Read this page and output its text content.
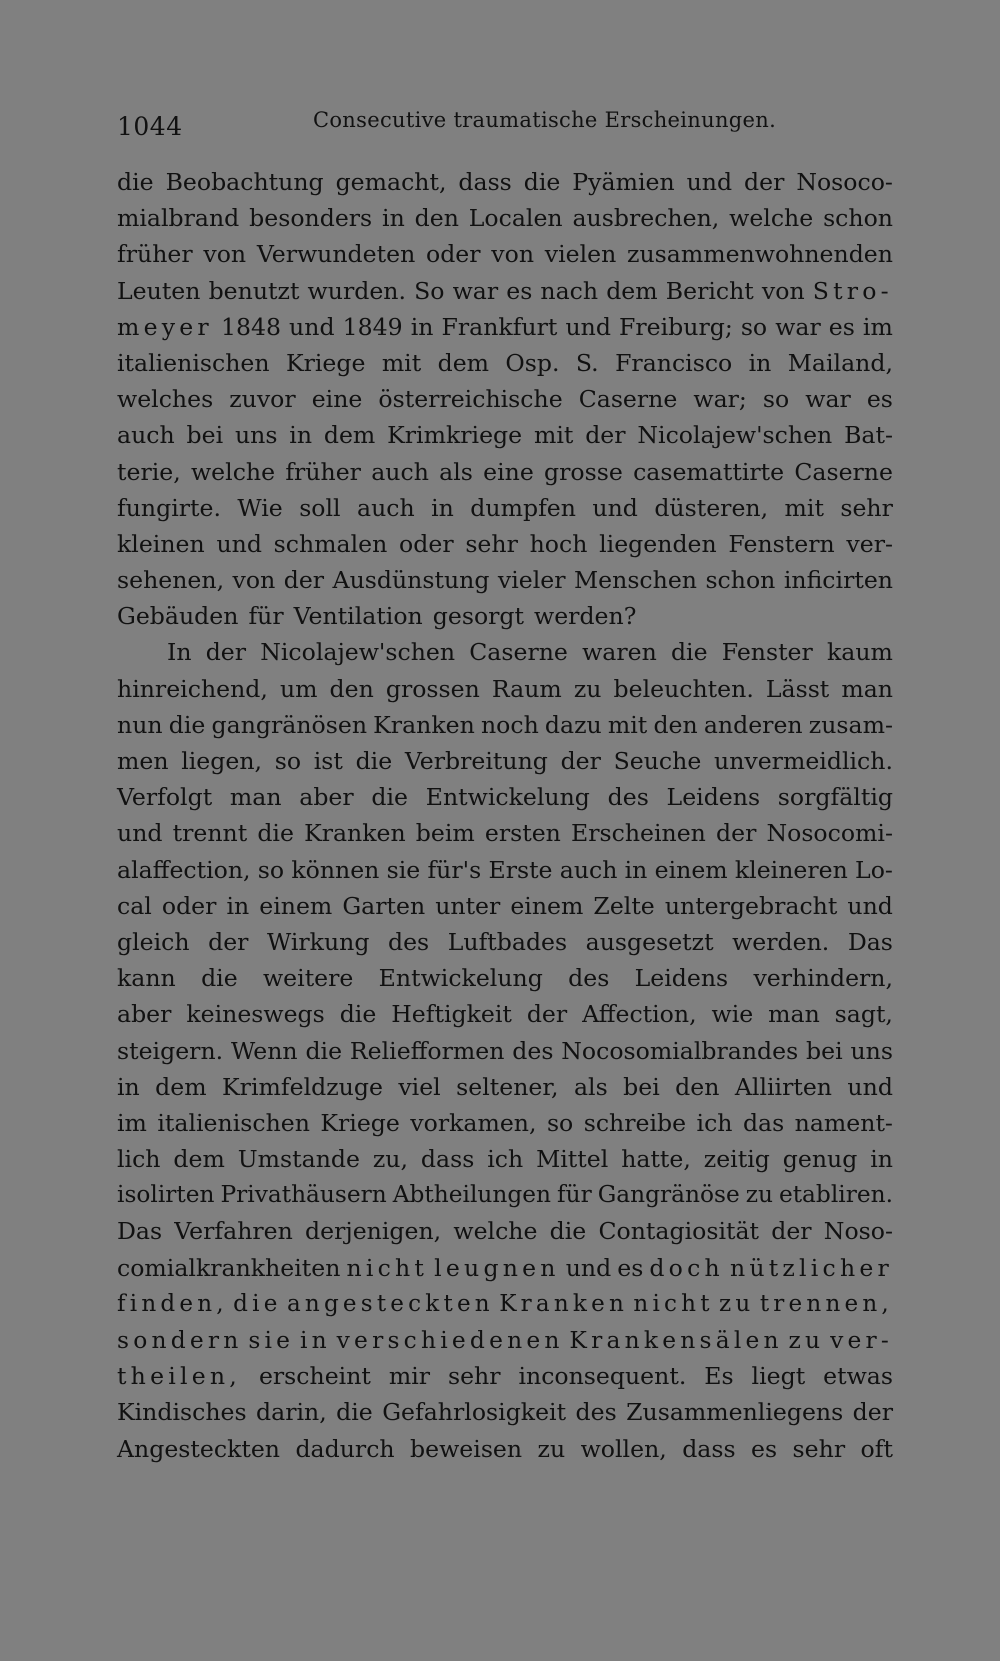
1044	Consecutive traumatische Erscheinungen.
die Beobachtung gemacht, dass die Pyämien und der Nosoco-
mialbrand besonders in den Localen ausbrechen, welche schon
früher von Verwundeten oder von vielen zusammenwohnenden
Leuten benutzt wurden. So war es nach dem Bericht von Stro-
meyer 1848 und 1849 in Frankfurt und Freiburg; so war es im
italienischen Kriege mit dem Osp. S. Francisco in Mailand,
welches zuvor eine österreichische Caserne war; so war es
auch bei uns in dem Krimkriege mit der Nicolajew'schen Bat-
terie, welche früher auch als eine grosse casemattirte Caserne
fungirte. Wie soll auch in dumpfen und düsteren, mit sehr
kleinen und schmalen oder sehr hoch liegenden Fenstern ver-
sehenen, von der Ausdünstung vieler Menschen schon inficirten
Gebäuden für Ventilation gesorgt werden?
In der Nicolajew'schen Caserne waren die Fenster kaum
hinreichend, um den grossen Raum zu beleuchten. Lässt man
nun die gangränösen Kranken noch dazu mit den anderen zusam-
men liegen, so ist die Verbreitung der Seuche unvermeidlich.
Verfolgt man aber die Entwickelung des Leidens sorgfältig
und trennt die Kranken beim ersten Erscheinen der Nosocomi-
alaffection, so können sie für's Erste auch in einem kleineren Lo-
cal oder in einem Garten unter einem Zelte untergebracht und
gleich der Wirkung des Luftbades ausgesetzt werden. Das
kann die weitere Entwickelung des Leidens verhindern,
aber keineswegs die Heftigkeit der Affection, wie man sagt,
steigern. Wenn die Reliefformen des Nocosomialbrandes bei uns
in dem Krimfeldzuge viel seltener, als bei den Alliirten und
im italienischen Kriege vorkamen, so schreibe ich das nament-
lich dem Umstande zu, dass ich Mittel hatte, zeitig genug in
isolirten Privathäusern Abtheilungen für Gangränöse zu etabliren.
Das Verfahren derjenigen, welche die Contagiosität der Noso-
comialkrankheiten nicht leugnen und es doch nützlicher
finden, die angesteckten Kranken nicht zu trennen,
sondern sie in verschiedenen Krankensälen zu ver-
theilen, erscheint mir sehr inconsequent. Es liegt etwas
Kindisches darin, die Gefahrlosigkeit des Zusammenliegens der
Angesteckten dadurch beweisen zu wollen, dass es sehr oft
